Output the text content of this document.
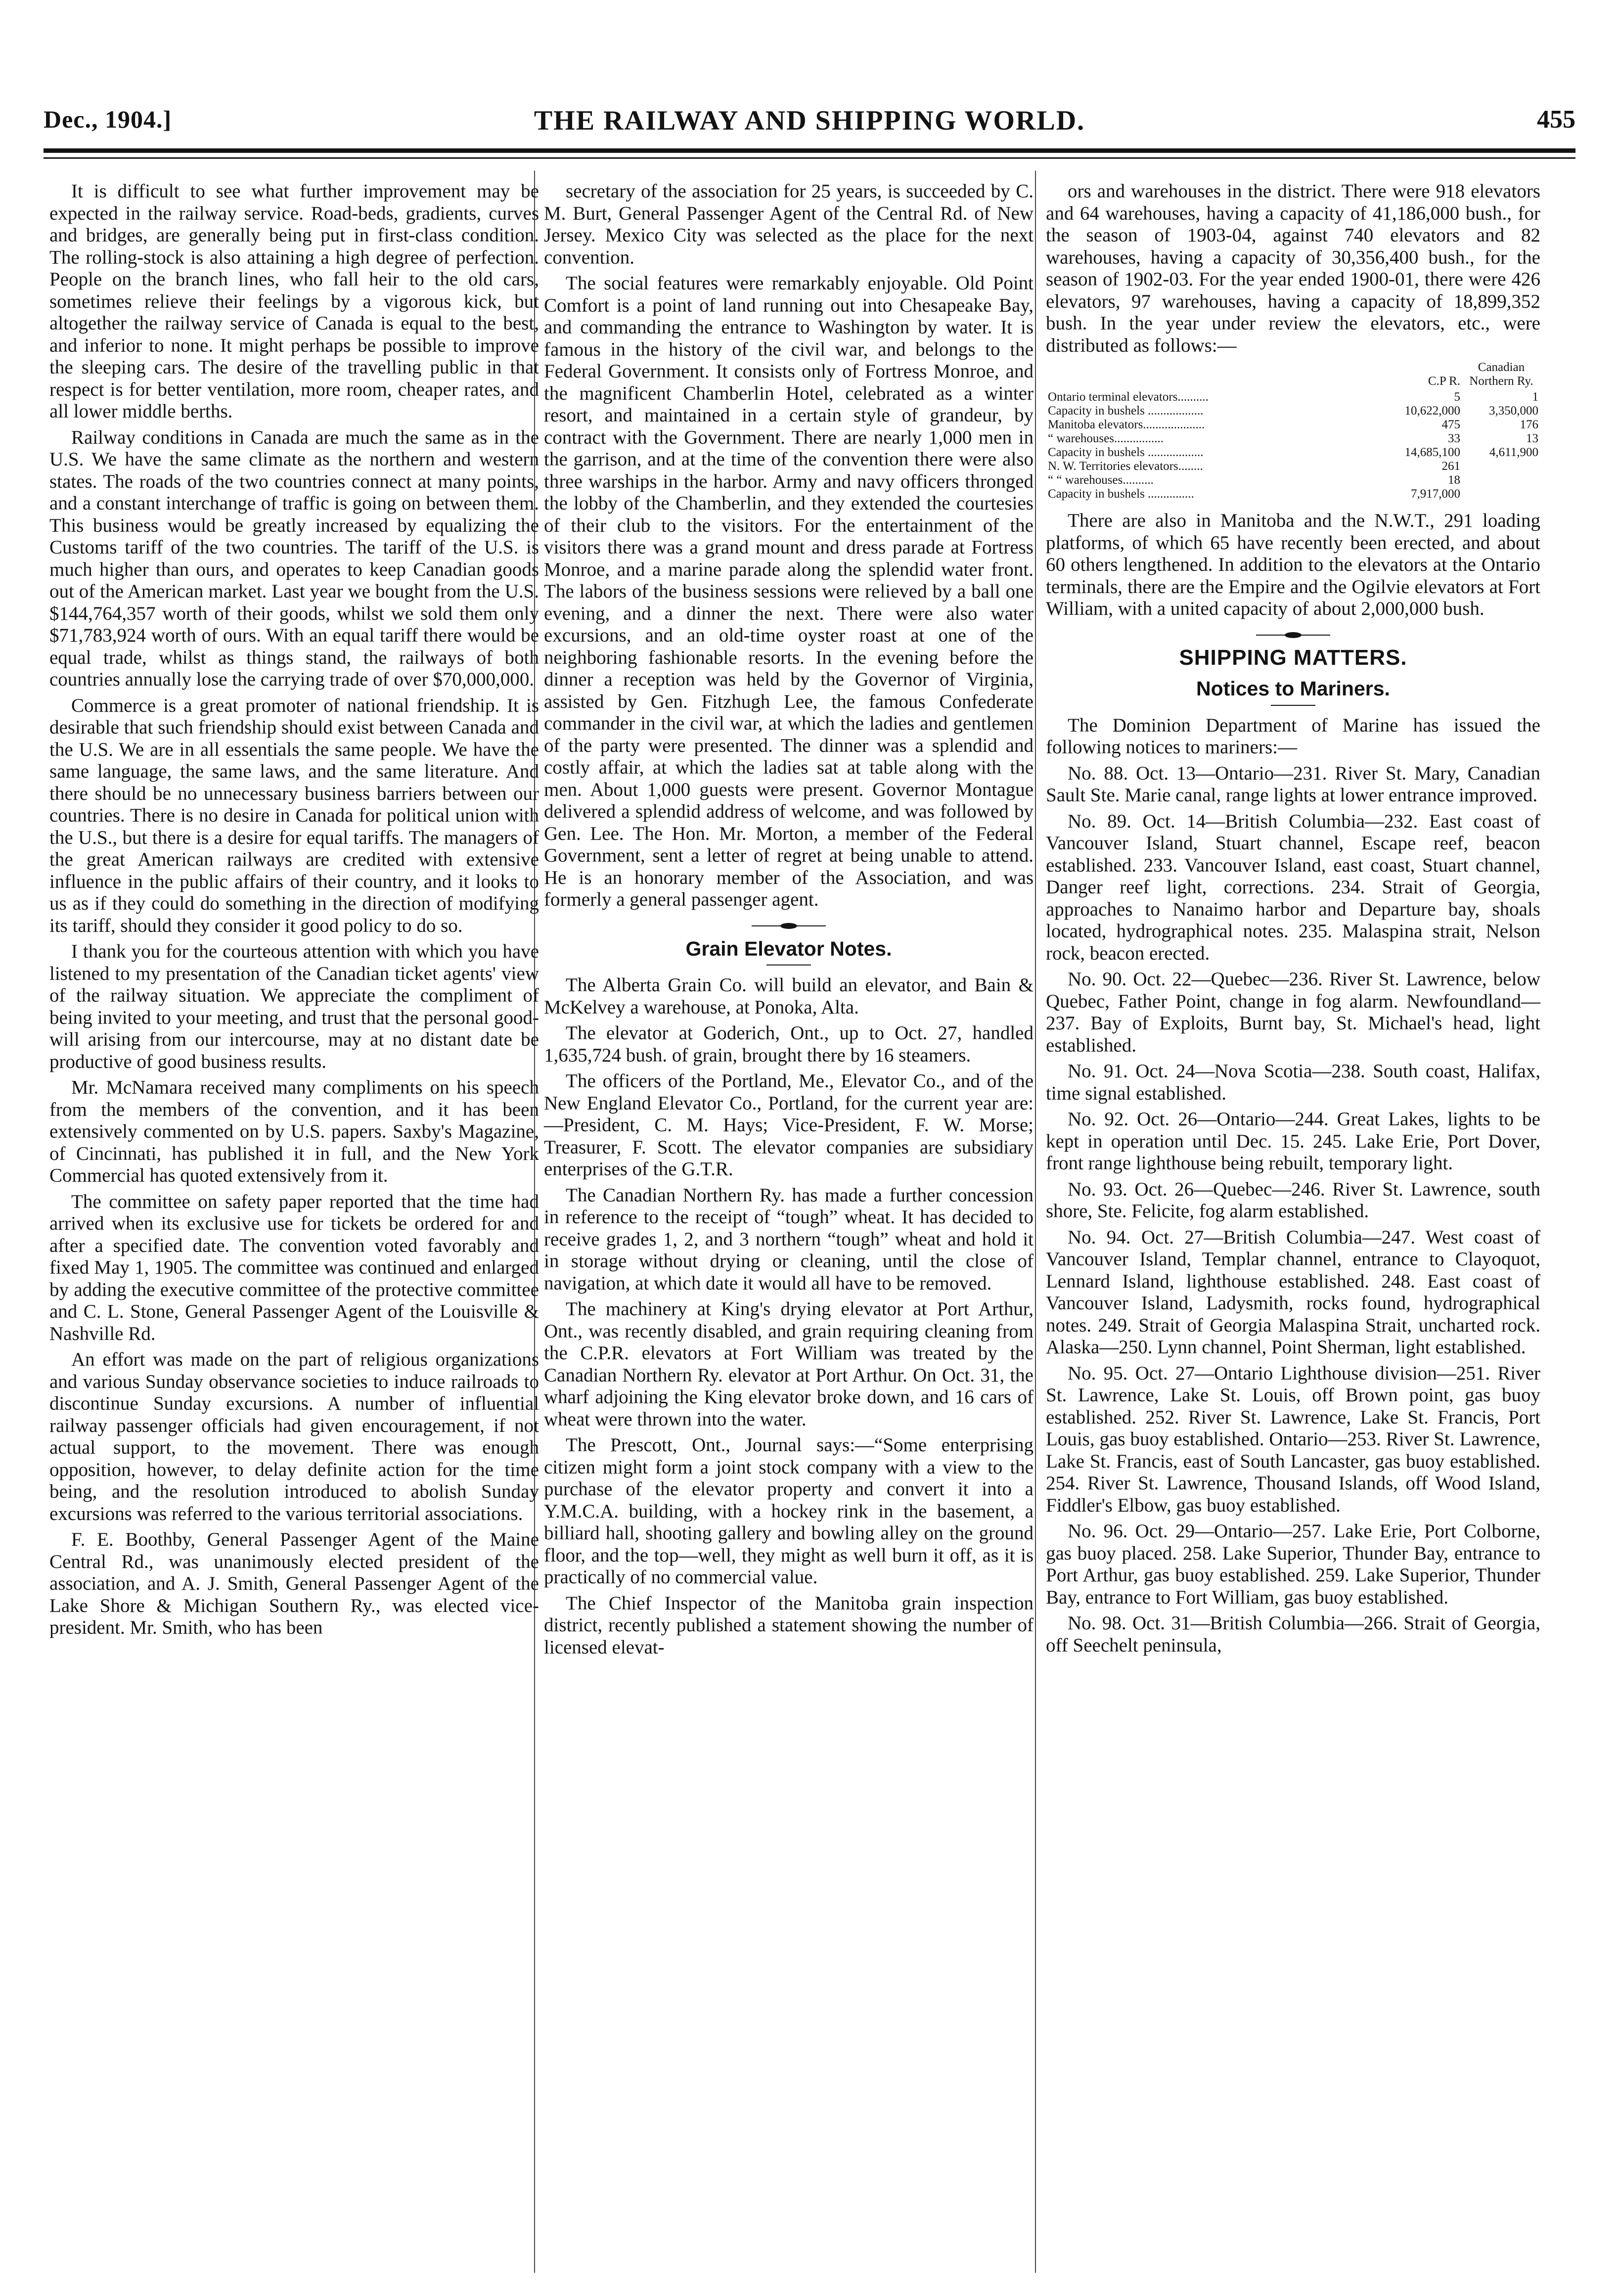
Dec., 1904.]	THE RAILWAY AND SHIPPING WORLD.	455

It is difficult to see what further improvement may be expected in the railway service. Road-beds, gradients, curves and bridges, are generally being put in first-class condition. The rolling-stock is also attaining a high degree of perfection. People on the branch lines, who fall heir to the old cars, sometimes relieve their feelings by a vigorous kick, but altogether the railway service of Canada is equal to the best, and inferior to none. It might perhaps be possible to improve the sleeping cars. The desire of the travelling public in that respect is for better ventilation, more room, cheaper rates, and all lower middle berths.

Railway conditions in Canada are much the same as in the U.S. We have the same climate as the northern and western states. The roads of the two countries connect at many points, and a constant interchange of traffic is going on between them. This business would be greatly increased by equalizing the Customs tariff of the two countries. The tariff of the U.S. is much higher than ours, and operates to keep Canadian goods out of the American market. Last year we bought from the U.S. $144,764,357 worth of their goods, whilst we sold them only $71,783,924 worth of ours. With an equal tariff there would be equal trade, whilst as things stand, the railways of both countries annually lose the carrying trade of over $70,000,000.

Commerce is a great promoter of national friendship. It is desirable that such friendship should exist between Canada and the U.S. We are in all essentials the same people. We have the same language, the same laws, and the same literature. And there should be no unnecessary business barriers between our countries. There is no desire in Canada for political union with the U.S., but there is a desire for equal tariffs. The managers of the great American railways are credited with extensive influence in the public affairs of their country, and it looks to us as if they could do something in the direction of modifying its tariff, should they consider it good policy to do so.

I thank you for the courteous attention with which you have listened to my presentation of the Canadian ticket agents' view of the railway situation. We appreciate the compliment of being invited to your meeting, and trust that the personal good-will arising from our intercourse, may at no distant date be productive of good business results.

Mr. McNamara received many compliments on his speech from the members of the convention, and it has been extensively commented on by U.S. papers. Saxby's Magazine, of Cincinnati, has published it in full, and the New York Commercial has quoted extensively from it.

The committee on safety paper reported that the time had arrived when its exclusive use for tickets be ordered for and after a specified date. The convention voted favorably and fixed May 1, 1905. The committee was continued and enlarged by adding the executive committee of the protective committee and C. L. Stone, General Passenger Agent of the Louisville & Nashville Rd.

An effort was made on the part of religious organizations and various Sunday observance societies to induce railroads to discontinue Sunday excursions. A number of influential railway passenger officials had given encouragement, if not actual support, to the movement. There was enough opposition, however, to delay definite action for the time being, and the resolution introduced to abolish Sunday excursions was referred to the various territorial associations.

F. E. Boothby, General Passenger Agent of the Maine Central Rd., was unanimously elected president of the association, and A. J. Smith, General Passenger Agent of the Lake Shore & Michigan Southern Ry., was elected vice-president. Mr. Smith, who has been

secretary of the association for 25 years, is succeeded by C. M. Burt, General Passenger Agent of the Central Rd. of New Jersey. Mexico City was selected as the place for the next convention.

The social features were remarkably enjoyable. Old Point Comfort is a point of land running out into Chesapeake Bay, and commanding the entrance to Washington by water. It is famous in the history of the civil war, and belongs to the Federal Government. It consists only of Fortress Monroe, and the magnificent Chamberlin Hotel, celebrated as a winter resort, and maintained in a certain style of grandeur, by contract with the Government. There are nearly 1,000 men in the garrison, and at the time of the convention there were also three warships in the harbor. Army and navy officers thronged the lobby of the Chamberlin, and they extended the courtesies of their club to the visitors. For the entertainment of the visitors there was a grand mount and dress parade at Fortress Monroe, and a marine parade along the splendid water front. The labors of the business sessions were relieved by a ball one evening, and a dinner the next. There were also water excursions, and an old-time oyster roast at one of the neighboring fashionable resorts. In the evening before the dinner a reception was held by the Governor of Virginia, assisted by Gen. Fitzhugh Lee, the famous Confederate commander in the civil war, at which the ladies and gentlemen of the party were presented. The dinner was a splendid and costly affair, at which the ladies sat at table along with the men. About 1,000 guests were present. Governor Montague delivered a splendid address of welcome, and was followed by Gen. Lee. The Hon. Mr. Morton, a member of the Federal Government, sent a letter of regret at being unable to attend. He is an honorary member of the Association, and was formerly a general passenger agent.

Grain Elevator Notes.

The Alberta Grain Co. will build an elevator, and Bain & McKelvey a warehouse, at Ponoka, Alta.

The elevator at Goderich, Ont., up to Oct. 27, handled 1,635,724 bush. of grain, brought there by 16 steamers.

The officers of the Portland, Me., Elevator Co., and of the New England Elevator Co., Portland, for the current year are:—President, C. M. Hays; Vice-President, F. W. Morse; Treasurer, F. Scott. The elevator companies are subsidiary enterprises of the G.T.R.

The Canadian Northern Ry. has made a further concession in reference to the receipt of “tough” wheat. It has decided to receive grades 1, 2, and 3 northern “tough” wheat and hold it in storage without drying or cleaning, until the close of navigation, at which date it would all have to be removed.

The machinery at King's drying elevator at Port Arthur, Ont., was recently disabled, and grain requiring cleaning from the C.P.R. elevators at Fort William was treated by the Canadian Northern Ry. elevator at Port Arthur. On Oct. 31, the wharf adjoining the King elevator broke down, and 16 cars of wheat were thrown into the water.

The Prescott, Ont., Journal says:—“Some enterprising citizen might form a joint stock company with a view to the purchase of the elevator property and convert it into a Y.M.C.A. building, with a hockey rink in the basement, a billiard hall, shooting gallery and bowling alley on the ground floor, and the top—well, they might as well burn it off, as it is practically of no commercial value.

The Chief Inspector of the Manitoba grain inspection district, recently published a statement showing the number of licensed elevat-

ors and warehouses in the district. There were 918 elevators and 64 warehouses, having a capacity of 41,186,000 bush., for the season of 1903-04, against 740 elevators and 82 warehouses, having a capacity of 30,356,400 bush., for the season of 1902-03. For the year ended 1900-01, there were 426 elevators, 97 warehouses, having a capacity of 18,899,352 bush. In the year under review the elevators, etc., were distributed as follows:—

	C.P R.	Canadian Northern Ry.
Ontario terminal elevators..........	5	1
Capacity in bushels ..................	10,622,000	3,350,000
Manitoba elevators....................	475	176
“ warehouses................	33	13
Capacity in bushels ..................	14,685,100	4,611,900
N. W. Territories elevators........	261	
“ “ warehouses..........	18	
Capacity in bushels ...............	7,917,000	

There are also in Manitoba and the N.W.T., 291 loading platforms, of which 65 have recently been erected, and about 60 others lengthened. In addition to the elevators at the Ontario terminals, there are the Empire and the Ogilvie elevators at Fort William, with a united capacity of about 2,000,000 bush.

SHIPPING MATTERS.
Notices to Mariners.

The Dominion Department of Marine has issued the following notices to mariners:—

No. 88. Oct. 13—Ontario—231. River St. Mary, Canadian Sault Ste. Marie canal, range lights at lower entrance improved.

No. 89. Oct. 14—British Columbia—232. East coast of Vancouver Island, Stuart channel, Escape reef, beacon established. 233. Vancouver Island, east coast, Stuart channel, Danger reef light, corrections. 234. Strait of Georgia, approaches to Nanaimo harbor and Departure bay, shoals located, hydrographical notes. 235. Malaspina strait, Nelson rock, beacon erected.

No. 90. Oct. 22—Quebec—236. River St. Lawrence, below Quebec, Father Point, change in fog alarm. Newfoundland—237. Bay of Exploits, Burnt bay, St. Michael's head, light established.

No. 91. Oct. 24—Nova Scotia—238. South coast, Halifax, time signal established.

No. 92. Oct. 26—Ontario—244. Great Lakes, lights to be kept in operation until Dec. 15. 245. Lake Erie, Port Dover, front range lighthouse being rebuilt, temporary light.

No. 93. Oct. 26—Quebec—246. River St. Lawrence, south shore, Ste. Felicite, fog alarm established.

No. 94. Oct. 27—British Columbia—247. West coast of Vancouver Island, Templar channel, entrance to Clayoquot, Lennard Island, lighthouse established. 248. East coast of Vancouver Island, Ladysmith, rocks found, hydrographical notes. 249. Strait of Georgia Malaspina Strait, uncharted rock. Alaska—250. Lynn channel, Point Sherman, light established.

No. 95. Oct. 27—Ontario Lighthouse division—251. River St. Lawrence, Lake St. Louis, off Brown point, gas buoy established. 252. River St. Lawrence, Lake St. Francis, Port Louis, gas buoy established. Ontario—253. River St. Lawrence, Lake St. Francis, east of South Lancaster, gas buoy established. 254. River St. Lawrence, Thousand Islands, off Wood Island, Fiddler's Elbow, gas buoy established.

No. 96. Oct. 29—Ontario—257. Lake Erie, Port Colborne, gas buoy placed. 258. Lake Superior, Thunder Bay, entrance to Port Arthur, gas buoy established. 259. Lake Superior, Thunder Bay, entrance to Fort William, gas buoy established.

No. 98. Oct. 31—British Columbia—266. Strait of Georgia, off Seechelt peninsula,
